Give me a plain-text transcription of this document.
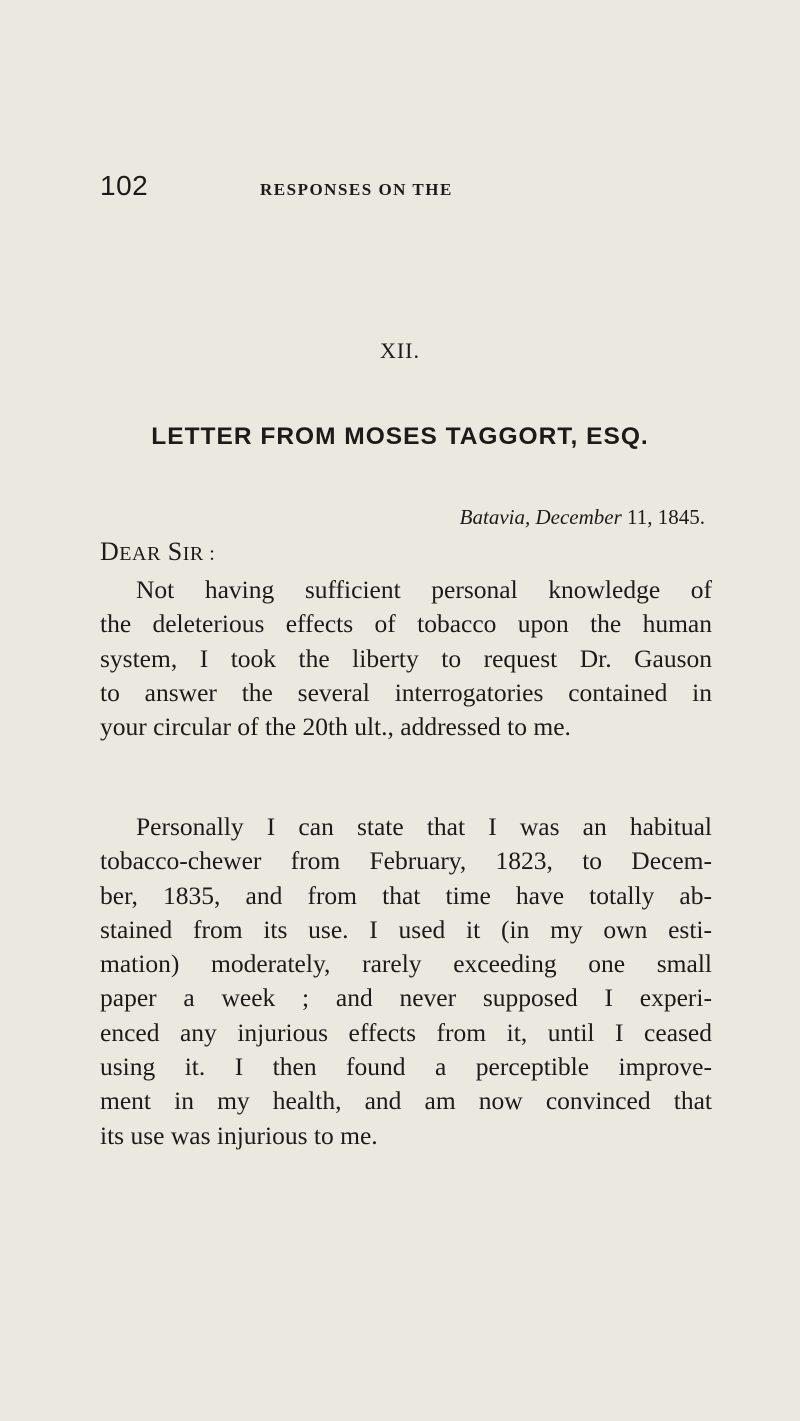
102	RESPONSES ON THE
XII.
LETTER FROM MOSES TAGGORT, ESQ.
Batavia, December 11, 1845.
DEAR SIR :

Not having sufficient personal knowledge of
the deleterious effects of tobacco upon the human
system, I took the liberty to request Dr. Gauson
to answer the several interrogatories contained in
your circular of the 20th ult., addressed to me.

Personally I can state that I was an habitual
tobacco-chewer from February, 1823, to Decem-
ber, 1835, and from that time have totally ab-
stained from its use. I used it (in my own esti-
mation) moderately, rarely exceeding one small
paper a week ; and never supposed I experi-
enced any injurious effects from it, until I ceased
using it. I then found a perceptible improve-
ment in my health, and am now convinced that
its use was injurious to me.
